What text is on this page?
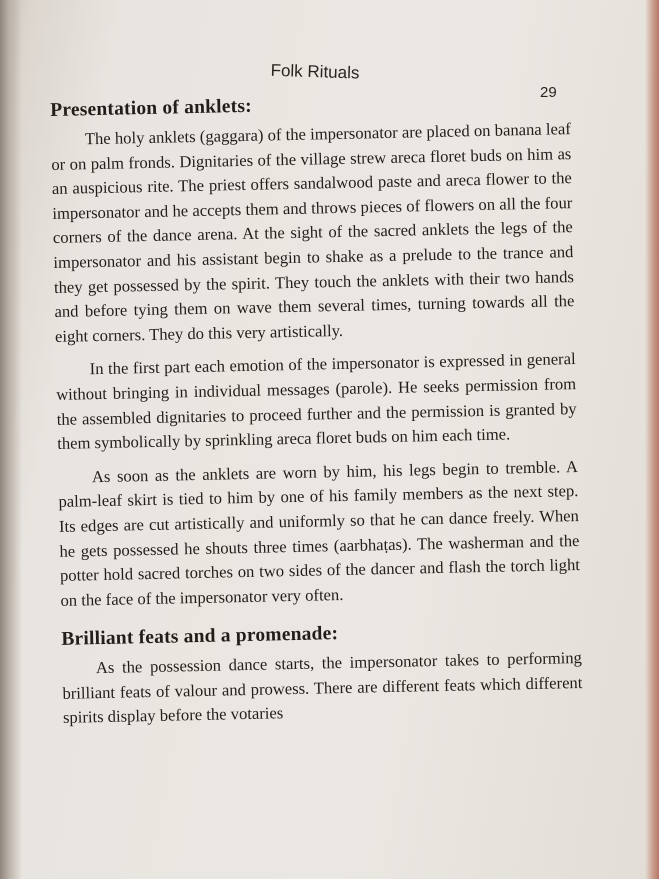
Folk Rituals
29
Presentation of anklets:

The holy anklets (gaggara) of the impersonator are placed on banana leaf or on palm fronds. Dignitaries of the village strew areca floret buds on him as an auspicious rite. The priest offers sandalwood paste and areca flower to the impersonator and he accepts them and throws pieces of flowers on all the four corners of the dance arena. At the sight of the sacred anklets the legs of the impersonator and his assistant begin to shake as a prelude to the trance and they get possessed by the spirit. They touch the anklets with their two hands and before tying them on wave them several times, turning towards all the eight corners. They do this very artistically.

In the first part each emotion of the impersonator is expressed in general without bringing in individual messages (parole). He seeks permission from the assembled dignitaries to proceed further and the permission is granted by them symbolically by sprinkling areca floret buds on him each time.

As soon as the anklets are worn by him, his legs begin to tremble. A palm-leaf skirt is tied to him by one of his family members as the next step. Its edges are cut artistically and uniformly so that he can dance freely. When he gets possessed he shouts three times (aarbhaṭas). The washerman and the potter hold sacred torches on two sides of the dancer and flash the torch light on the face of the impersonator very often.

Brilliant feats and a promenade:

As the possession dance starts, the impersonator takes to performing brilliant feats of valour and prowess. There are different feats which different spirits display before the votaries
